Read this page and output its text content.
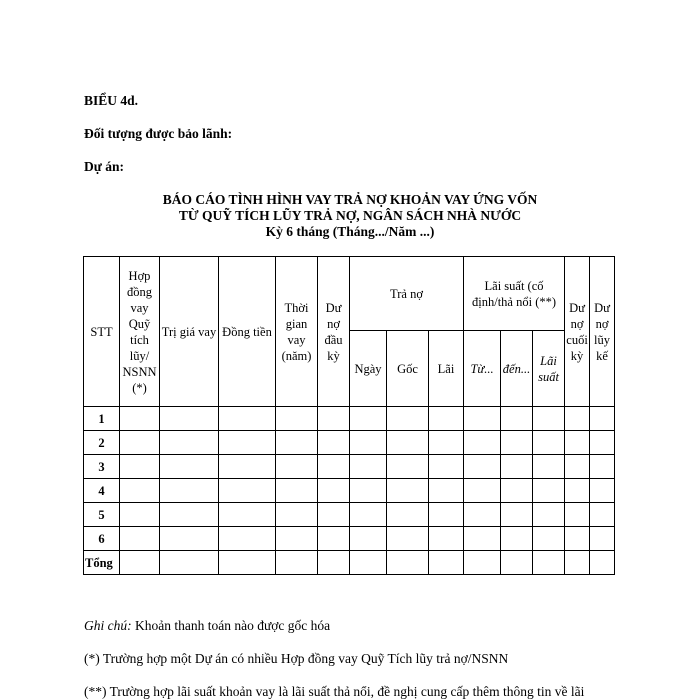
BIỂU 4d.
Đối tượng được bảo lãnh:
Dự án:
BÁO CÁO TÌNH HÌNH VAY TRẢ NỢ KHOẢN VAY ỨNG VỐN
TỪ QUỸ TÍCH LŨY TRẢ NỢ, NGÂN SÁCH NHÀ NƯỚC
Kỳ 6 tháng (Tháng.../Năm ...)
STT	Hợp đồng vay Quỹ tích lũy/ NSNN (*)	Trị giá vay	Đồng tiền	Thời gian vay (năm)	Dư nợ đầu kỳ	Trả nợ			Lãi suất (cố định/thả nổi (**)			Dư nợ cuối kỳ	Dư nợ lũy kế
						Ngày	Gốc	Lãi	Từ...	đến...	Lãi suất		
1													
2													
3													
4													
5													
6													
Tổng													
Ghi chú: Khoản thanh toán nào được gốc hóa
(*) Trường hợp một Dự án có nhiều Hợp đồng vay Quỹ Tích lũy trả nợ/NSNN
(**) Trường hợp lãi suất khoản vay là lãi suất thả nổi, đề nghị cung cấp thêm thông tin về lãi
